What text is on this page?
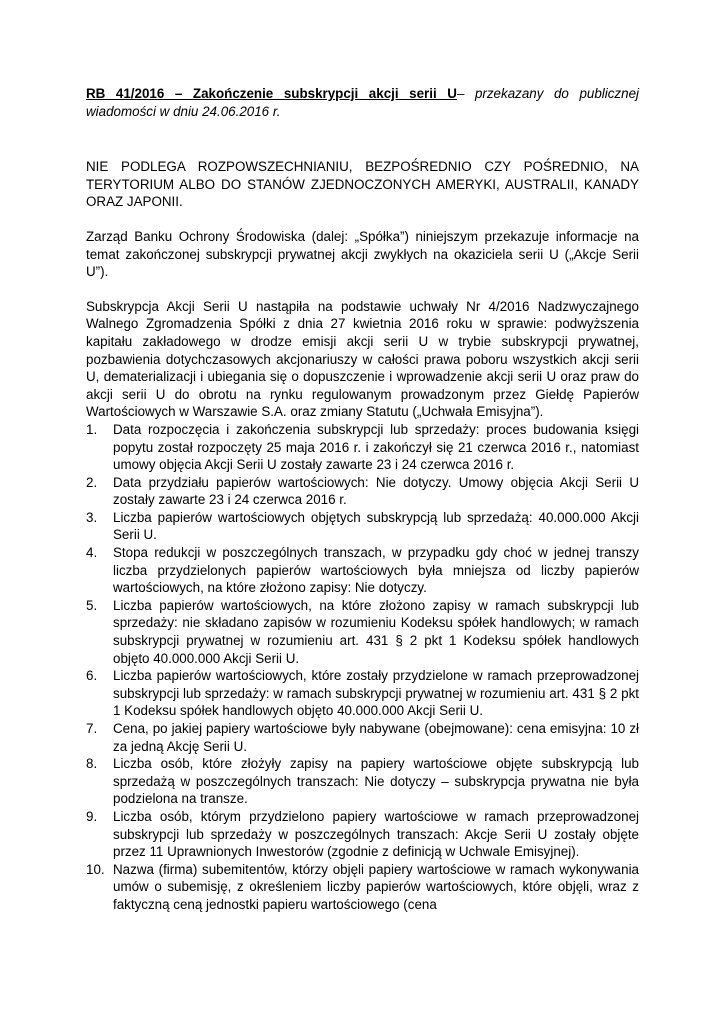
RB 41/2016 – Zakończenie subskrypcji akcji serii U– przekazany do publicznej wiadomości w dniu 24.06.2016 r.

NIE PODLEGA ROZPOWSZECHNIANIU, BEZPOŚREDNIO CZY POŚREDNIO, NA TERYTORIUM ALBO DO STANÓW ZJEDNOCZONYCH AMERYKI, AUSTRALII, KANADY ORAZ JAPONII.

Zarząd Banku Ochrony Środowiska (dalej: „Spółka”) niniejszym przekazuje informacje na temat zakończonej subskrypcji prywatnej akcji zwykłych na okaziciela serii U („Akcje Serii U”).

Subskrypcja Akcji Serii U nastąpiła na podstawie uchwały Nr 4/2016 Nadzwyczajnego Walnego Zgromadzenia Spółki z dnia 27 kwietnia 2016 roku w sprawie: podwyższenia kapitału zakładowego w drodze emisji akcji serii U w trybie subskrypcji prywatnej, pozbawienia dotychczasowych akcjonariuszy w całości prawa poboru wszystkich akcji serii U, dematerializacji i ubiegania się o dopuszczenie i wprowadzenie akcji serii U oraz praw do akcji serii U do obrotu na rynku regulowanym prowadzonym przez Giełdę Papierów Wartościowych w Warszawie S.A. oraz zmiany Statutu („Uchwała Emisyjna”).

1. Data rozpoczęcia i zakończenia subskrypcji lub sprzedaży: proces budowania księgi popytu został rozpoczęty 25 maja 2016 r. i zakończył się 21 czerwca 2016 r., natomiast umowy objęcia Akcji Serii U zostały zawarte 23 i 24 czerwca 2016 r.
2. Data przydziału papierów wartościowych: Nie dotyczy. Umowy objęcia Akcji Serii U zostały zawarte 23 i 24 czerwca 2016 r.
3. Liczba papierów wartościowych objętych subskrypcją lub sprzedażą: 40.000.000 Akcji Serii U.
4. Stopa redukcji w poszczególnych transzach, w przypadku gdy choć w jednej transzy liczba przydzielonych papierów wartościowych była mniejsza od liczby papierów wartościowych, na które złożono zapisy: Nie dotyczy.
5. Liczba papierów wartościowych, na które złożono zapisy w ramach subskrypcji lub sprzedaży: nie składano zapisów w rozumieniu Kodeksu spółek handlowych; w ramach subskrypcji prywatnej w rozumieniu art. 431 § 2 pkt 1 Kodeksu spółek handlowych objęto 40.000.000 Akcji Serii U.
6. Liczba papierów wartościowych, które zostały przydzielone w ramach przeprowadzonej subskrypcji lub sprzedaży: w ramach subskrypcji prywatnej w rozumieniu art. 431 § 2 pkt 1 Kodeksu spółek handlowych objęto 40.000.000 Akcji Serii U.
7. Cena, po jakiej papiery wartościowe były nabywane (obejmowane): cena emisyjna: 10 zł za jedną Akcję Serii U.
8. Liczba osób, które złożyły zapisy na papiery wartościowe objęte subskrypcją lub sprzedażą w poszczególnych transzach: Nie dotyczy – subskrypcja prywatna nie była podzielona na transze.
9. Liczba osób, którym przydzielono papiery wartościowe w ramach przeprowadzonej subskrypcji lub sprzedaży w poszczególnych transzach: Akcje Serii U zostały objęte przez 11 Uprawnionych Inwestorów (zgodnie z definicją w Uchwale Emisyjnej).
10. Nazwa (firma) subemitentów, którzy objęli papiery wartościowe w ramach wykonywania umów o subemisję, z określeniem liczby papierów wartościowych, które objęli, wraz z faktyczną ceną jednostki papieru wartościowego (cena
